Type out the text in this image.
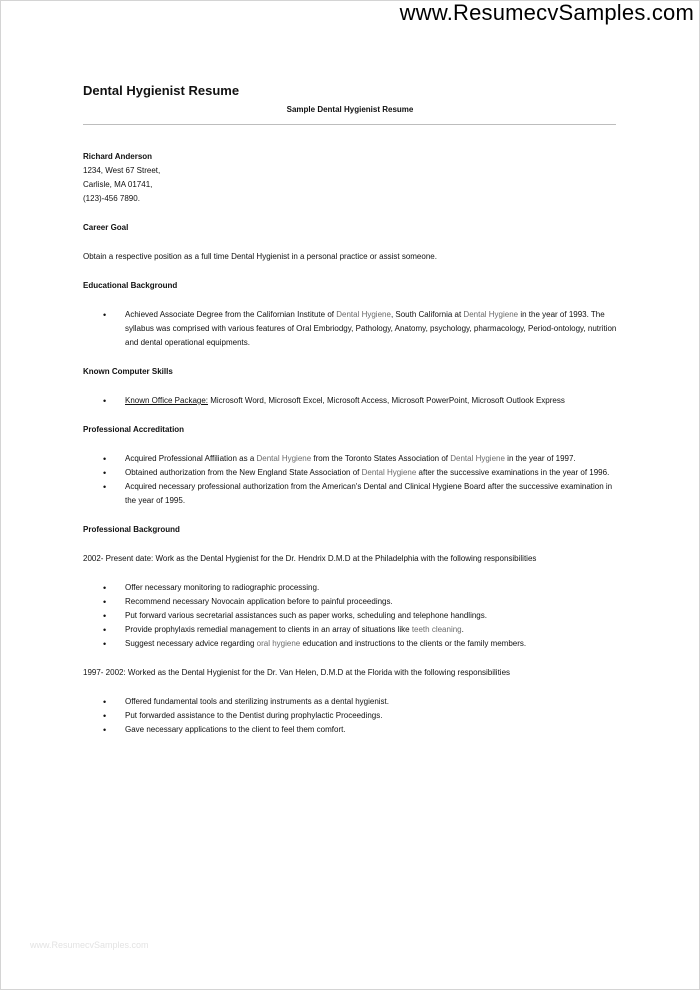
www.ResumecvSamples.com
Dental Hygienist Resume
Sample Dental Hygienist Resume
Richard Anderson
1234, West 67 Street,
Carlisle, MA 01741,
(123)-456 7890.
Career Goal

Obtain a respective position as a full time Dental Hygienist in a personal practice or assist someone.

Educational Background
• Achieved Associate Degree from the Californian Institute of Dental Hygiene, South California at Dental Hygiene in the year of 1993. The syllabus was comprised with various features of Oral Embriodgy, Pathology, Anatomy, psychology, pharmacology, Period-ontology, nutrition and dental operational equipments.
Known Computer Skills
• Known Office Package: Microsoft Word, Microsoft Excel, Microsoft Access, Microsoft PowerPoint, Microsoft Outlook Express
Professional Accreditation
• Acquired Professional Affiliation as a Dental Hygiene from the Toronto States Association of Dental Hygiene in the year of 1997.
• Obtained authorization from the New England State Association of Dental Hygiene after the successive examinations in the year of 1996.
• Acquired necessary professional authorization from the American's Dental and Clinical Hygiene Board after the successive examination in the year of 1995.
Professional Background

2002- Present date: Work as the Dental Hygienist for the Dr. Hendrix D.M.D at the Philadelphia with the following responsibilities

• Offer necessary monitoring to radiographic processing.
• Recommend necessary Novocain application before to painful proceedings.
• Put forward various secretarial assistances such as paper works, scheduling and telephone handlings.
• Provide prophylaxis remedial management to clients in an array of situations like teeth cleaning.
• Suggest necessary advice regarding oral hygiene education and instructions to the clients or the family members.

1997- 2002: Worked as the Dental Hygienist for the Dr. Van Helen, D.M.D at the Florida with the following responsibilities

• Offered fundamental tools and sterilizing instruments as a dental hygienist.
• Put forwarded assistance to the Dentist during prophylactic Proceedings.
• Gave necessary applications to the client to feel them comfort.
www.ResumecvSamples.com
